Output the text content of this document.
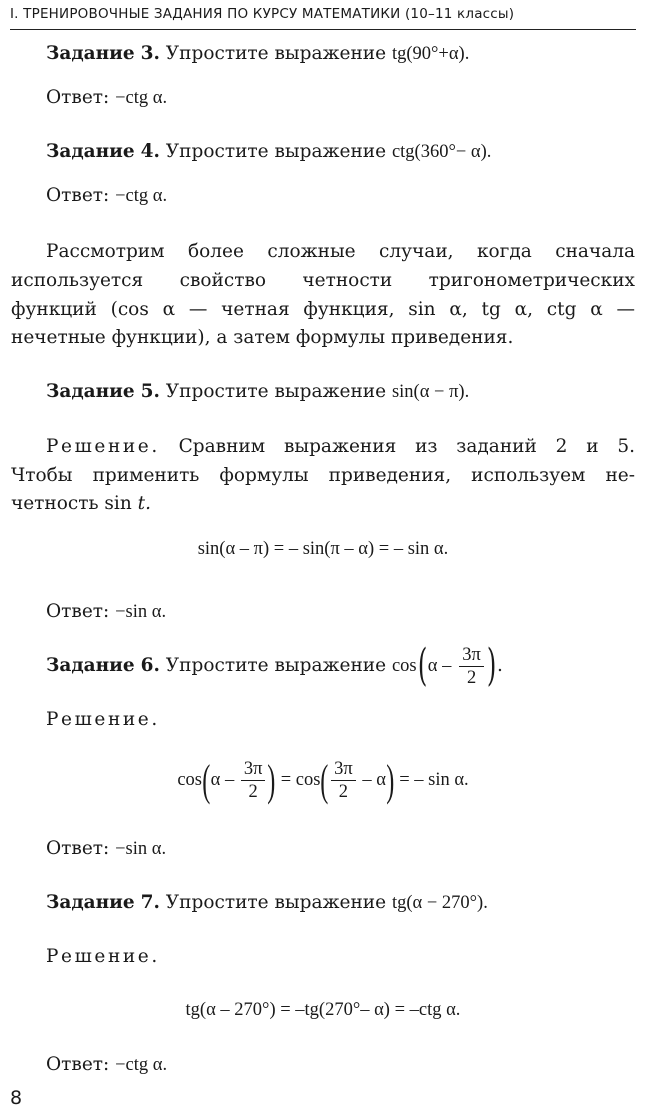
I. ТРЕНИРОВОЧНЫЕ ЗАДАНИЯ ПО КУРСУ МАТЕМАТИКИ (10–11 классы)
Задание 3. Упростите выражение tg(90°+α).
Ответ: −ctg α.
Задание 4. Упростите выражение ctg(360°− α).
Ответ: −ctg α.
Рассмотрим более сложные случаи, когда сначала
используется свойство четности тригонометрических
функций (cos α — четная функция, sin α, tg α, ctg α —
нечетные функции), а затем формулы приведения.
Задание 5. Упростите выражение sin(α − π).
Решение. Сравним выражения из заданий 2 и 5.
Чтобы применить формулы приведения, используем не-
четность sin t.
sin(α – π) = – sin(π – α) = – sin α.
Ответ: −sin α.
Задание 6. Упростите выражение $\cos(\alpha - \frac{3\pi}{2}$ ).
Решение.
$\cos(\alpha - \frac{3\pi}{2}$ ) = $\cos( \frac{3\pi}{2} - \alpha)$ = – sin α.
Ответ: −sin α.
Задание 7. Упростите выражение tg(α − 270°).
Решение.
tg(α – 270°) = –tg(270°– α) = –ctg α.
Ответ: −ctg α.
8
